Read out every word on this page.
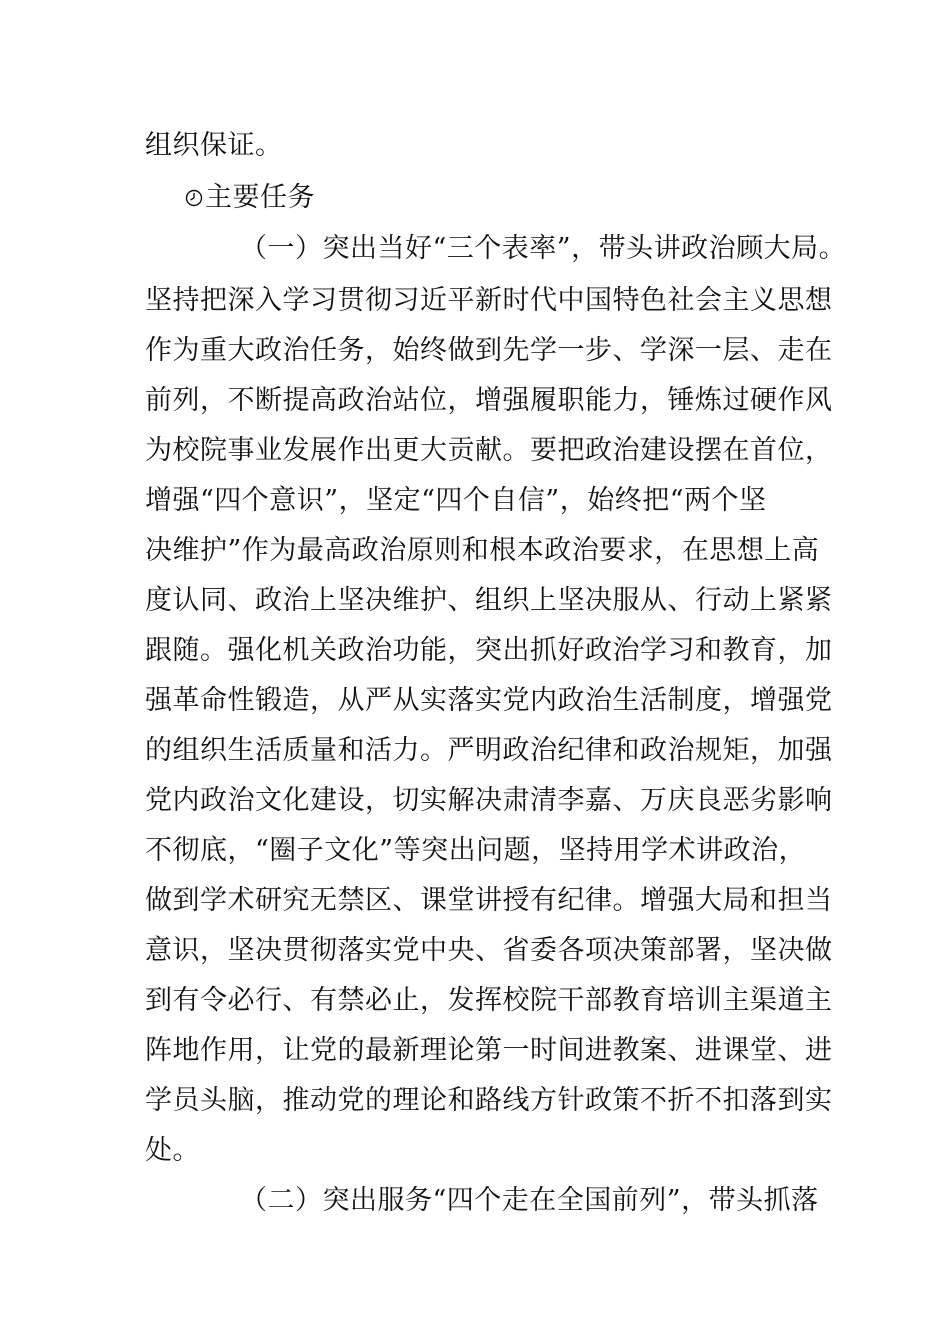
组织保证。
主要任务
（一）突出当好“三个表率”，带头讲政治顾大局。
坚持把深入学习贯彻习近平新时代中国特色社会主义思想
作为重大政治任务，始终做到先学一步、学深一层、走在
前列，不断提高政治站位，增强履职能力，锤炼过硬作风
为校院事业发展作出更大贡献。要把政治建设摆在首位，
增强“四个意识”，坚定“四个自信”，始终把“两个坚
决维护”作为最高政治原则和根本政治要求，在思想上高
度认同、政治上坚决维护、组织上坚决服从、行动上紧紧
跟随。强化机关政治功能，突出抓好政治学习和教育，加
强革命性锻造，从严从实落实党内政治生活制度，增强党
的组织生活质量和活力。严明政治纪律和政治规矩，加强
党内政治文化建设，切实解决肃清李嘉、万庆良恶劣影响
不彻底，“圈子文化”等突出问题，坚持用学术讲政治，
做到学术研究无禁区、课堂讲授有纪律。增强大局和担当
意识，坚决贯彻落实党中央、省委各项决策部署，坚决做
到有令必行、有禁必止，发挥校院干部教育培训主渠道主
阵地作用，让党的最新理论第一时间进教案、进课堂、进
学员头脑，推动党的理论和路线方针政策不折不扣落到实
处。
（二）突出服务“四个走在全国前列”，带头抓落
